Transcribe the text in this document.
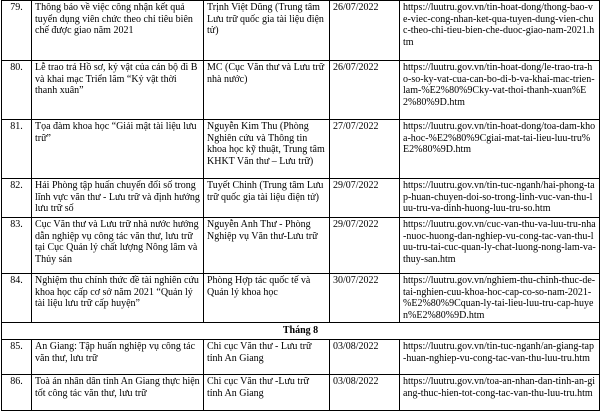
79.	Thông báo về việc công nhận kết quả tuyển dụng viên chức theo chỉ tiêu biên chế được giao năm 2021	Trịnh Việt Dũng (Trung tâm Lưu trữ quốc gia tài liệu điện tử)	26/07/2022	https://luutru.gov.vn/tin-hoat-dong/thong-bao-ve-viec-cong-nhan-ket-qua-tuyen-dung-vien-chuc-theo-chi-tieu-bien-che-duoc-giao-nam-2021.htm
80.	Lễ trao trả Hồ sơ, kỷ vật của cán bộ đi B và khai mạc Triển lãm “Kỷ vật thời thanh xuân”	MC (Cục Văn thư và Lưu trữ nhà nước)	26/07/2022	https://luutru.gov.vn/tin-hoat-dong/le-trao-tra-ho-so-ky-vat-cua-can-bo-di-b-va-khai-mac-trien-lam-%E2%80%9Cky-vat-thoi-thanh-xuan%E2%80%9D.htm
81.	Tọa đàm khoa học “Giải mật tài liệu lưu trữ”	Nguyễn Kim Thu (Phòng Nghiên cứu và Thông tin khoa học kỹ thuật, Trung tâm KHKT Văn thư – Lưu trữ)	27/07/2022	https://luutru.gov.vn/tin-hoat-dong/toa-dam-khoa-hoc-%E2%80%9Cgiai-mat-tai-lieu-luu-tru%E2%80%9D.htm
82.	Hải Phòng tập huấn chuyển đổi số trong lĩnh vực văn thư - Lưu trữ và định hướng lưu trữ số	Tuyết Chinh (Trung tâm Lưu trữ quốc gia tài liệu điện tử)	29/07/2022	https://luutru.gov.vn/tin-tuc-nganh/hai-phong-tap-huan-chuyen-doi-so-trong-linh-vuc-van-thu-luu-tru-va-dinh-huong-luu-tru-so.htm
83.	Cục Văn thư và Lưu trữ nhà nước hướng dẫn nghiệp vụ công tác văn thư, lưu trữ tại Cục Quản lý chất lượng Nông lâm và Thủy sản	Nguyễn Anh Thư - Phòng Nghiệp vụ Văn thư-Lưu trữ	29/07/2022	https://luutru.gov.vn/cuc-van-thu-va-luu-tru-nha-nuoc-huong-dan-nghiep-vu-cong-tac-van-thu-luu-tru-tai-cuc-quan-ly-chat-luong-nong-lam-va-thuy-san.htm
84.	Nghiệm thu chính thức đề tài nghiên cứu khoa học cấp cơ sở năm 2021 “Quản lý tài liệu lưu trữ cấp huyện”	Phòng Hợp tác quốc tế và Quản lý khoa học	30/07/2022	https://luutru.gov.vn/nghiem-thu-chinh-thuc-de-tai-nghien-cuu-khoa-hoc-cap-co-so-nam-2021-%E2%80%9Cquan-ly-tai-lieu-luu-tru-cap-huyen%E2%80%9D.htm
Tháng 8				
85.	An Giang: Tập huấn nghiệp vụ công tác văn thư, lưu trữ	Chi cục Văn thư - Lưu trữ tỉnh An Giang	03/08/2022	https://luutru.gov.vn/tin-tuc-nganh/an-giang-tap-huan-nghiep-vu-cong-tac-van-thu-luu-tru.htm
86.	Toà án nhân dân tỉnh An Giang thực hiện tốt công tác văn thư, lưu trữ	Chi cục Văn thư -Lưu trữ tỉnh An Giang	03/08/2022	https://luutru.gov.vn/toa-an-nhan-dan-tinh-an-giang-thuc-hien-tot-cong-tac-van-thu-luu-tru.htm
